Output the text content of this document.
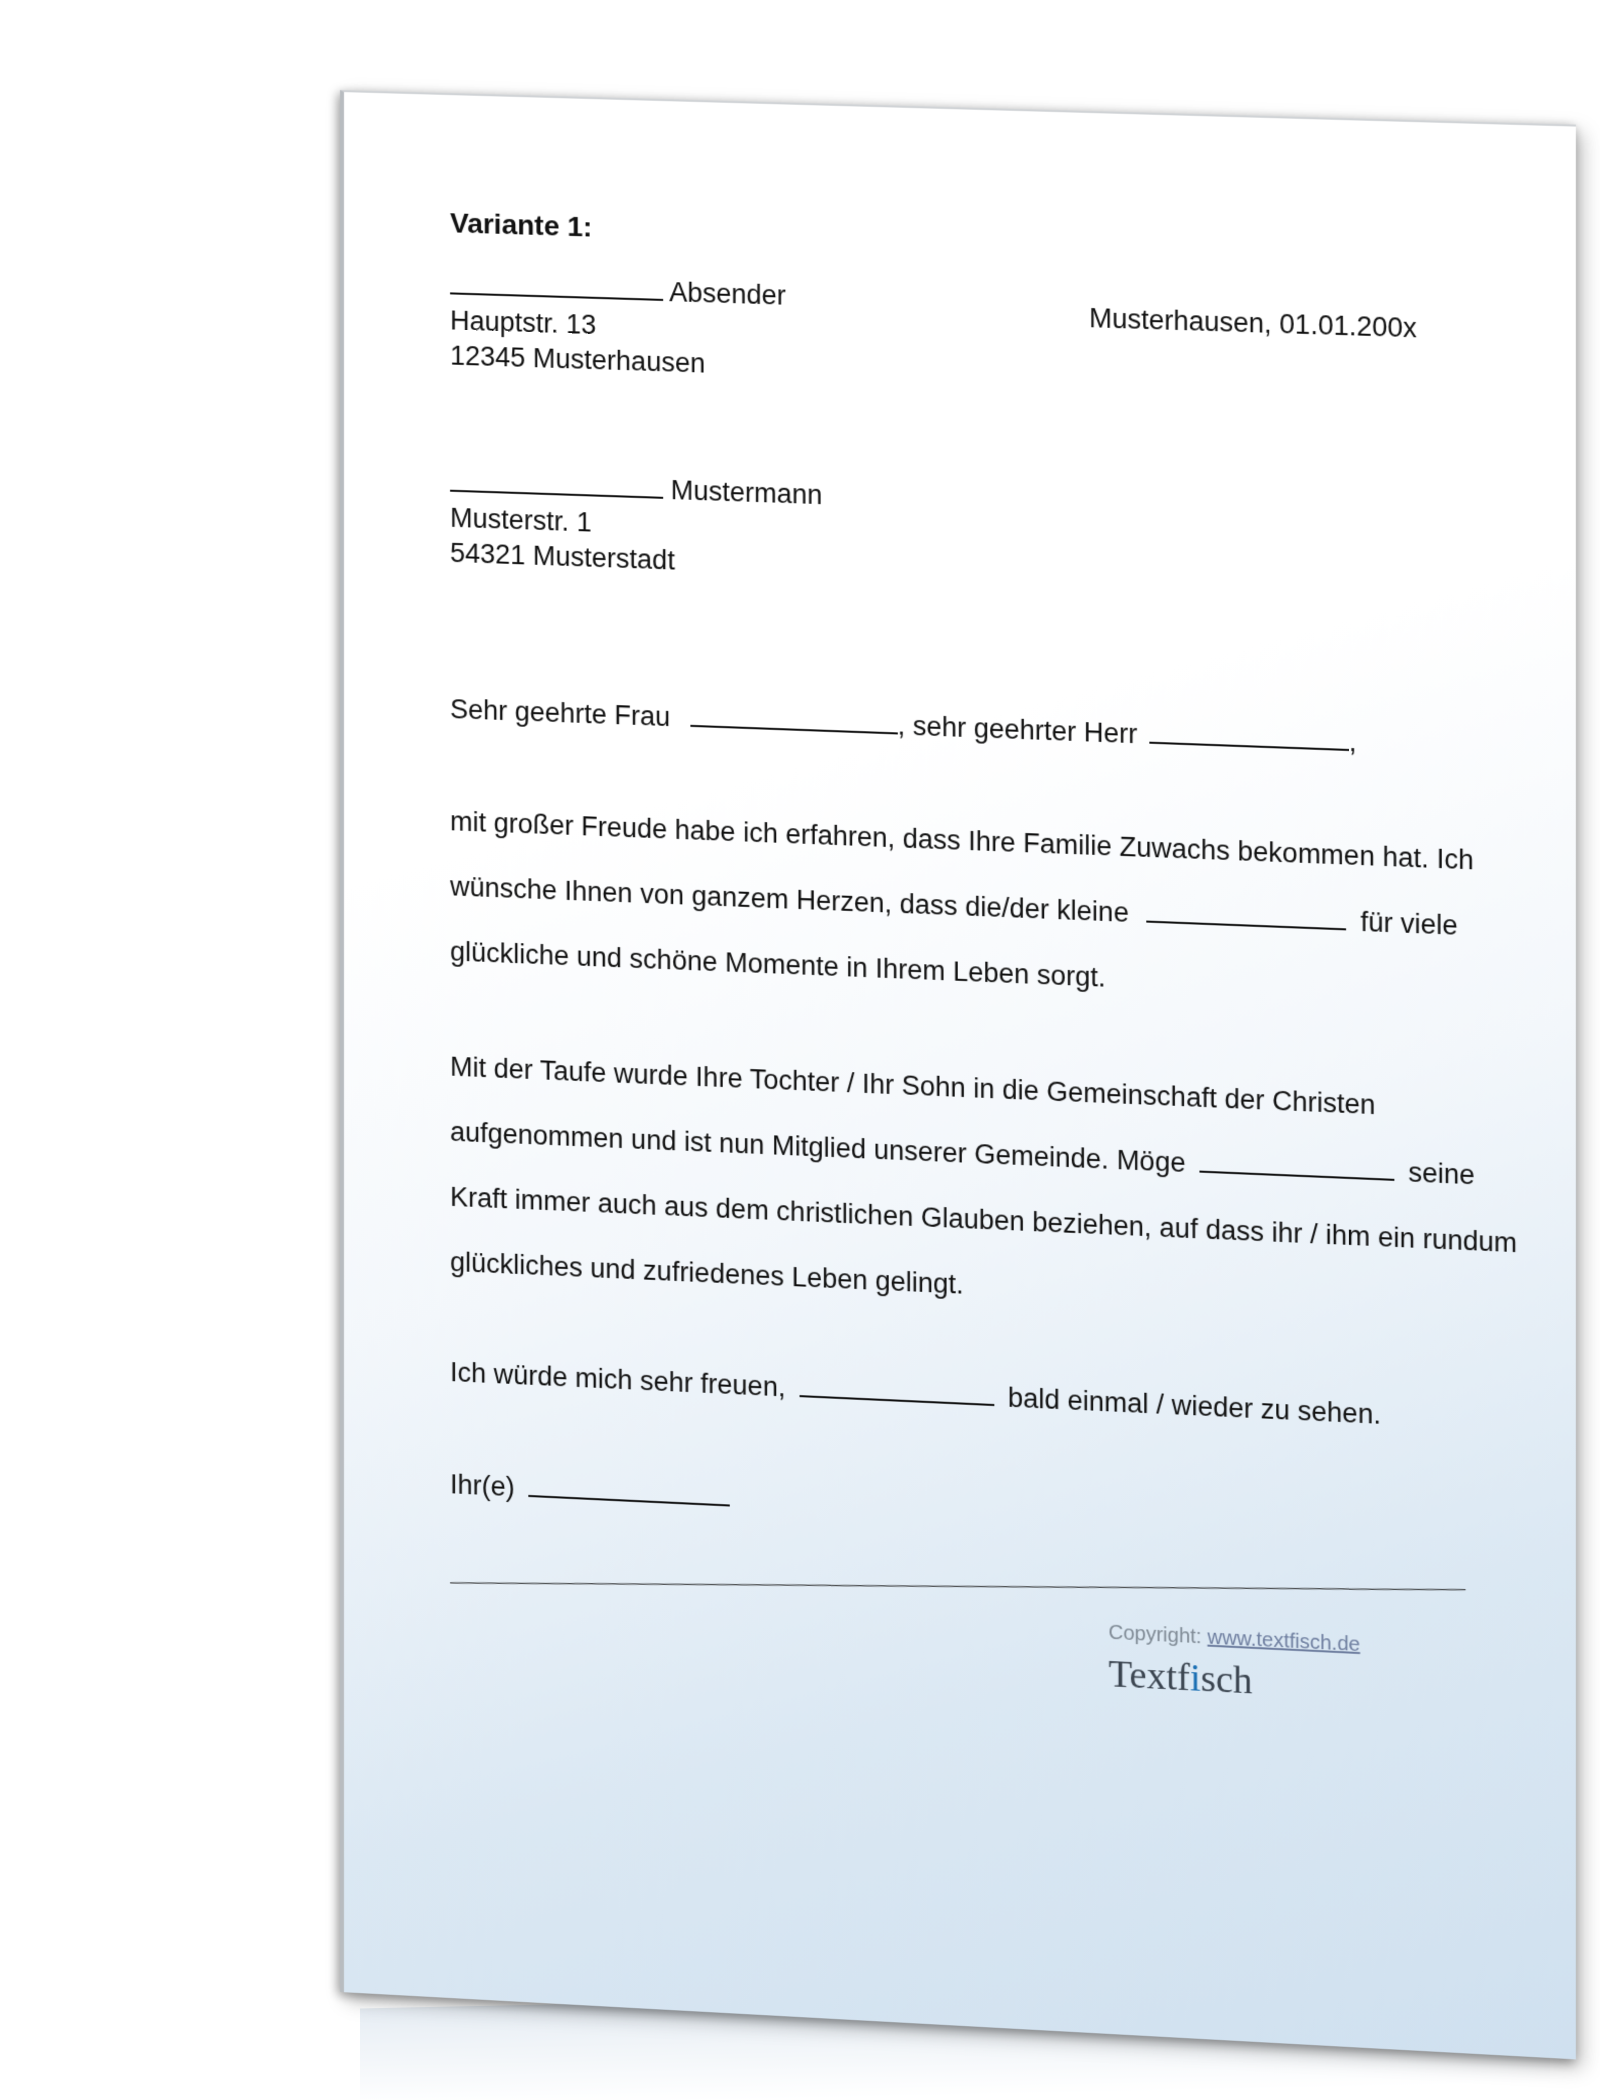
Variante 1:
Absender
Hauptstr. 13
12345 Musterhausen
Musterhausen, 01.01.200x
Mustermann
Musterstr. 1
54321 Musterstadt
Sehr geehrte Frau	, sehr geehrter Herr	,
mit großer Freude habe ich erfahren, dass Ihre Familie Zuwachs bekommen hat. Ich
wünsche Ihnen von ganzem Herzen, dass die/der kleine	für viele
glückliche und schöne Momente in Ihrem Leben sorgt.
Mit der Taufe wurde Ihre Tochter / Ihr Sohn in die Gemeinschaft der Christen
aufgenommen und ist nun Mitglied unserer Gemeinde. Möge	seine
Kraft immer auch aus dem christlichen Glauben beziehen, auf dass ihr / ihm ein rundum
glückliches und zufriedenes Leben gelingt.
Ich würde mich sehr freuen,  bald einmal / wieder zu sehen.
Ihr(e)
Copyright: www.textfisch.de
Textfisch
